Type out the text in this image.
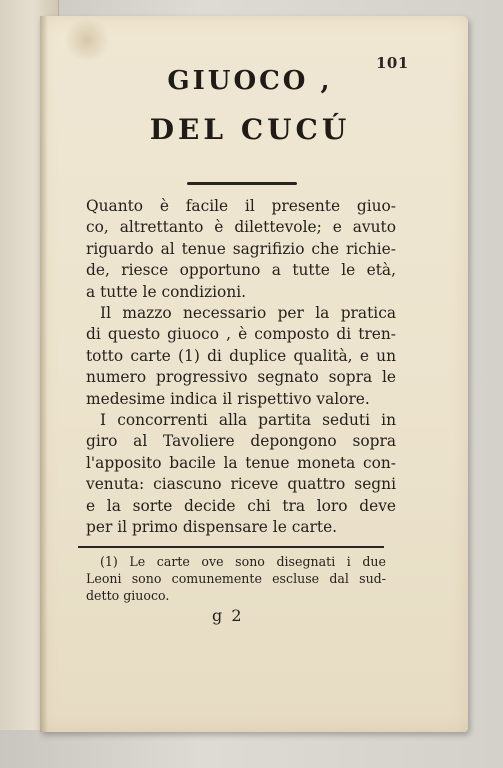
101
GIUOCO ,
DEL CUCÚ
Quanto è facile il presente giuo-
co, altrettanto è dilettevole; e avuto
riguardo al tenue sagrifizio che richie-
de, riesce opportuno a tutte le età,
a tutte le condizioni.
Il mazzo necessario per la pratica
di questo giuoco , è composto di tren-
totto carte (1) di duplice qualità, e un
numero progressivo segnato sopra le
medesime indica il rispettivo valore.
I concorrenti alla partita seduti in
giro al Tavoliere depongono sopra
l'apposito bacile la tenue moneta con-
venuta: ciascuno riceve quattro segni
e la sorte decide chi tra loro deve
per il primo dispensare le carte.
(1) Le carte ove sono disegnati i due
Leoni sono comunemente escluse dal sud-
detto giuoco.
g 2
